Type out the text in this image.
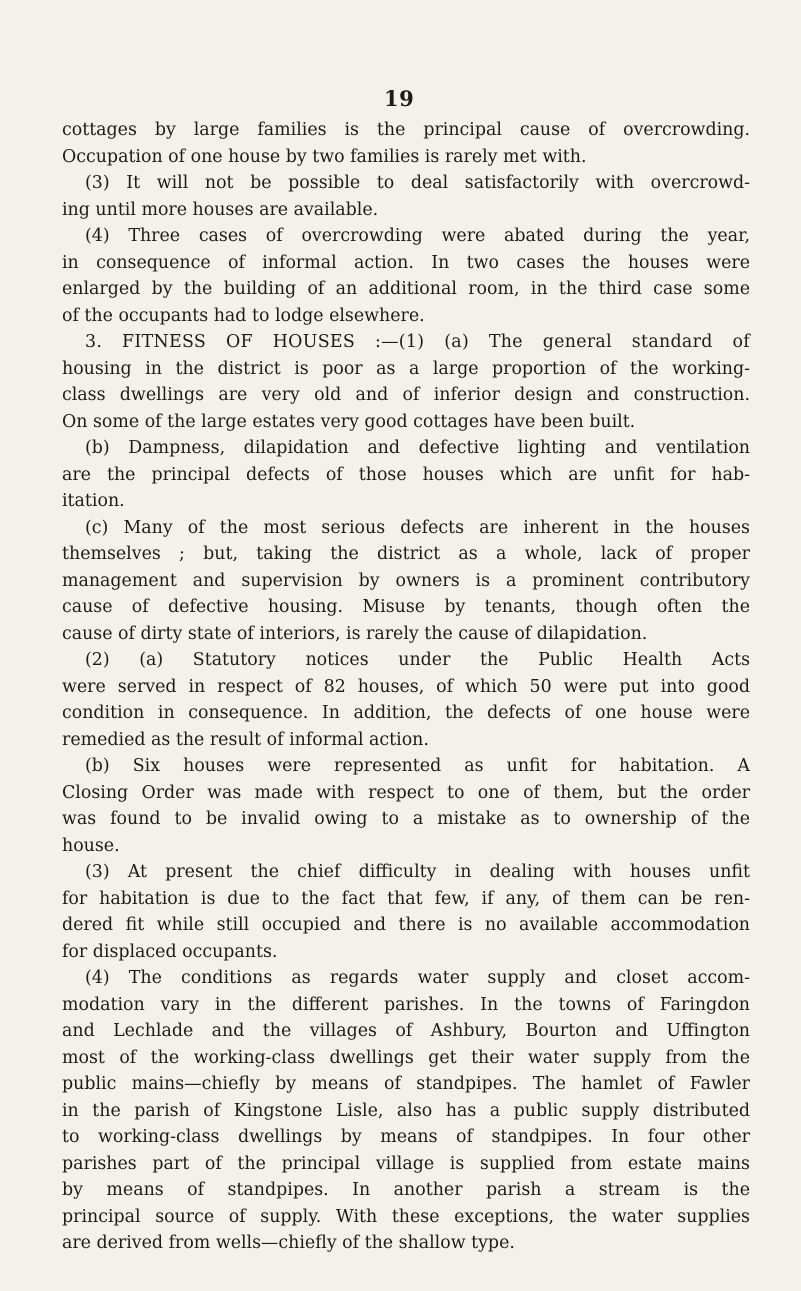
19
cottages by large families is the principal cause of overcrowding.
Occupation of one house by two families is rarely met with.
(3) It will not be possible to deal satisfactorily with overcrowd-
ing until more houses are available.
(4) Three cases of overcrowding were abated during the year,
in consequence of informal action. In two cases the houses were
enlarged by the building of an additional room, in the third case some
of the occupants had to lodge elsewhere.
3. FITNESS OF HOUSES :—(1) (a) The general standard of
housing in the district is poor as a large proportion of the working-
class dwellings are very old and of inferior design and construction.
On some of the large estates very good cottages have been built.
(b) Dampness, dilapidation and defective lighting and ventilation
are the principal defects of those houses which are unfit for hab-
itation.
(c) Many of the most serious defects are inherent in the houses
themselves ; but, taking the district as a whole, lack of proper
management and supervision by owners is a prominent contributory
cause of defective housing. Misuse by tenants, though often the
cause of dirty state of interiors, is rarely the cause of dilapidation.
(2) (a) Statutory notices under the Public Health Acts
were served in respect of 82 houses, of which 50 were put into good
condition in consequence. In addition, the defects of one house were
remedied as the result of informal action.
(b) Six houses were represented as unfit for habitation. A
Closing Order was made with respect to one of them, but the order
was found to be invalid owing to a mistake as to ownership of the
house.
(3) At present the chief difficulty in dealing with houses unfit
for habitation is due to the fact that few, if any, of them can be ren-
dered fit while still occupied and there is no available accommodation
for displaced occupants.
(4) The conditions as regards water supply and closet accom-
modation vary in the different parishes. In the towns of Faringdon
and Lechlade and the villages of Ashbury, Bourton and Uffington
most of the working-class dwellings get their water supply from the
public mains—chiefly by means of standpipes. The hamlet of Fawler
in the parish of Kingstone Lisle, also has a public supply distributed
to working-class dwellings by means of standpipes. In four other
parishes part of the principal village is supplied from estate mains
by means of standpipes. In another parish a stream is the
principal source of supply. With these exceptions, the water supplies
are derived from wells—chiefly of the shallow type.
